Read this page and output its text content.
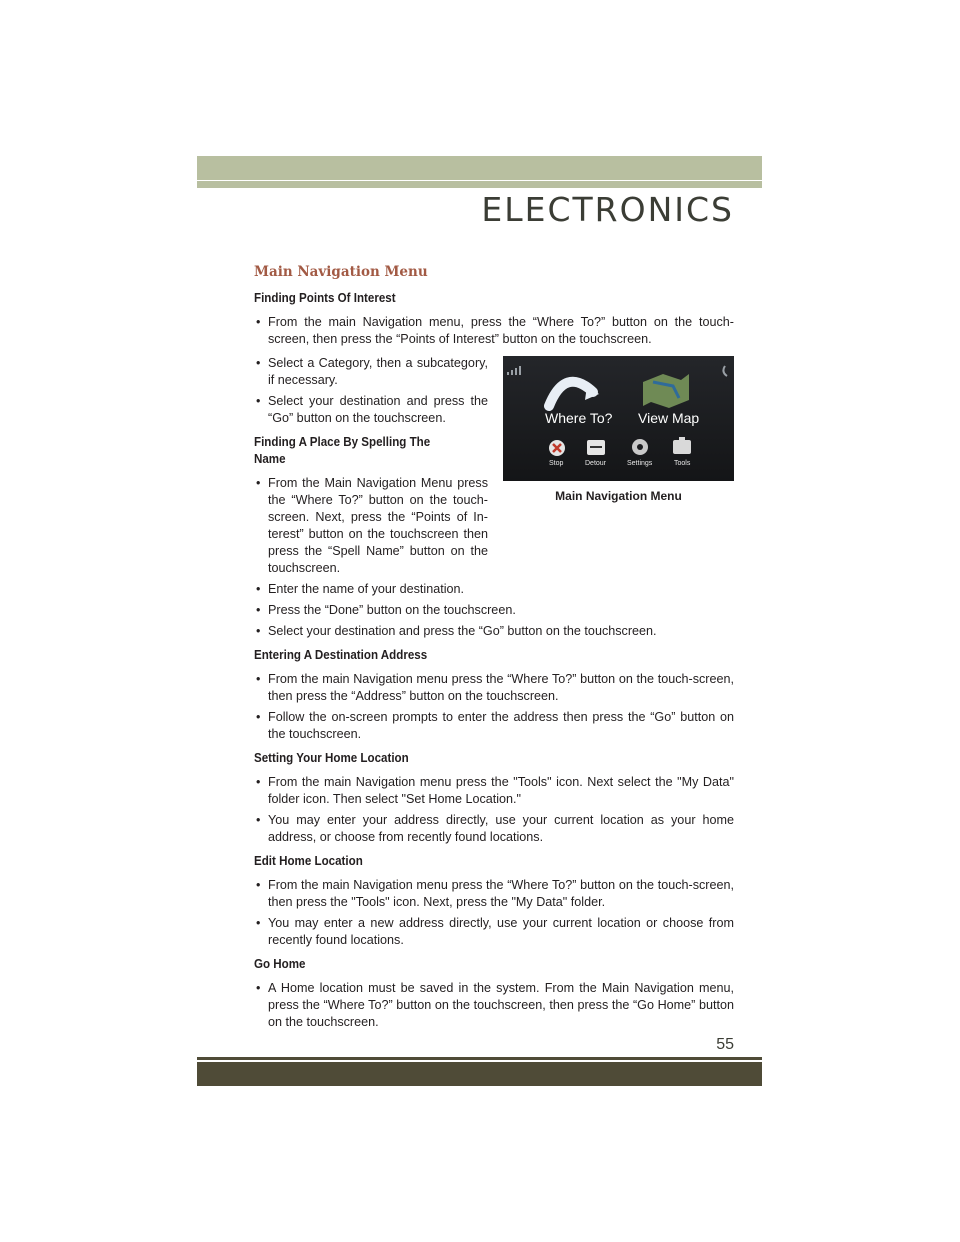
ELECTRONICS
Main Navigation Menu
Finding Points Of Interest
• From the main Navigation menu, press the “Where To?” button on the touch-screen, then press the “Points of Interest” button on the touchscreen.
• Select a Category, then a subcategory, if necessary.
• Select your destination and press the “Go” button on the touchscreen.
Finding A Place By Spelling The Name
• From the Main Navigation Menu press the “Where To?” button on the touch-screen. Next, press the “Points of In-terest” button on the touchscreen then press the “Spell Name” button on the touchscreen.
• Enter the name of your destination.
• Press the “Done” button on the touchscreen.
• Select your destination and press the “Go” button on the touchscreen.
Entering A Destination Address
• From the main Navigation menu press the “Where To?” button on the touch-screen, then press the “Address” button on the touchscreen.
• Follow the on-screen prompts to enter the address then press the “Go” button on the touchscreen.
Setting Your Home Location
• From the main Navigation menu press the "Tools" icon. Next select the "My Data" folder icon. Then select "Set Home Location."
• You may enter your address directly, use your current location as your home address, or choose from recently found locations.
Edit Home Location
• From the main Navigation menu press the “Where To?” button on the touch-screen, then press the "Tools" icon. Next, press the "My Data" folder.
• You may enter a new address directly, use your current location or choose from recently found locations.
Go Home
• A Home location must be saved in the system. From the Main Navigation menu, press the “Where To?” button on the touchscreen, then press the “Go Home” button on the touchscreen.
Where To? View Map
Stop	Detour	Settings	Tools
Main Navigation Menu
55
